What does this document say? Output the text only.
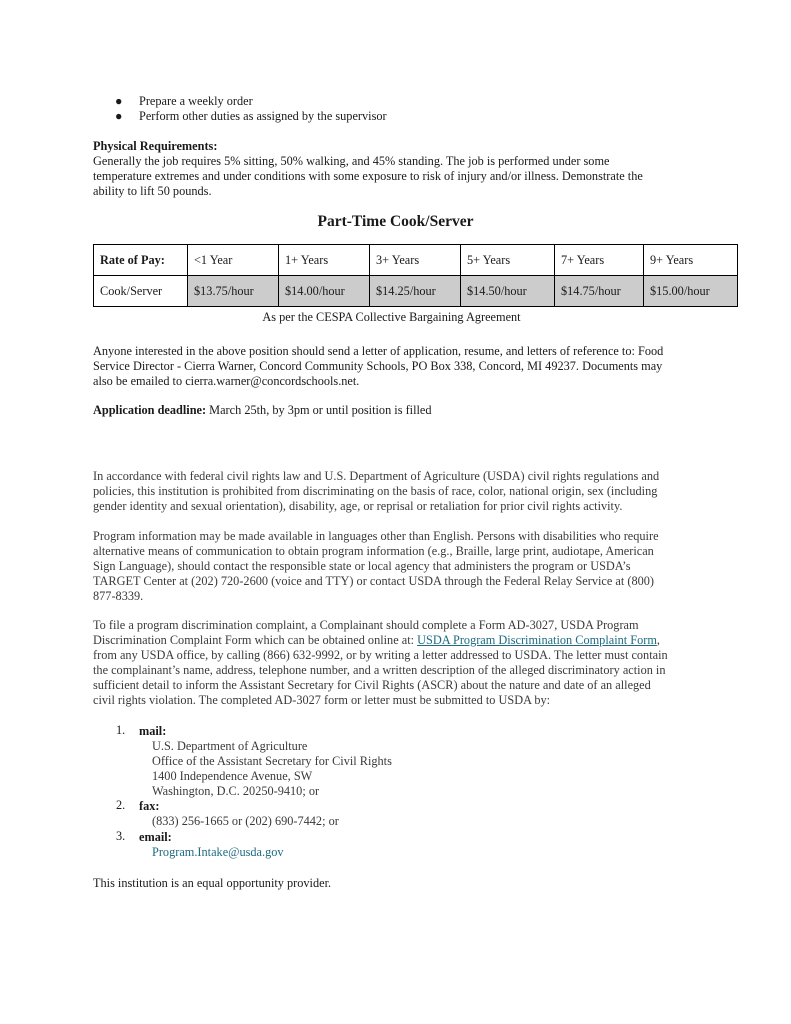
● Prepare a weekly order
● Perform other duties as assigned by the supervisor
Physical Requirements:
Generally the job requires 5% sitting, 50% walking, and 45% standing. The job is performed under some
temperature extremes and under conditions with some exposure to risk of injury and/or illness. Demonstrate the
ability to lift 50 pounds.
Part-Time Cook/Server
Rate of Pay:	<1 Year	1+ Years	3+ Years	5+ Years	7+ Years	9+ Years
Cook/Server	$13.75/hour	$14.00/hour	$14.25/hour	$14.50/hour	$14.75/hour	$15.00/hour
As per the CESPA Collective Bargaining Agreement
Anyone interested in the above position should send a letter of application, resume, and letters of reference to: Food
Service Director - Cierra Warner, Concord Community Schools, PO Box 338, Concord, MI 49237. Documents may
also be emailed to cierra.warner@concordschools.net.
Application deadline: March 25th, by 3pm or until position is filled
In accordance with federal civil rights law and U.S. Department of Agriculture (USDA) civil rights regulations and
policies, this institution is prohibited from discriminating on the basis of race, color, national origin, sex (including
gender identity and sexual orientation), disability, age, or reprisal or retaliation for prior civil rights activity.
Program information may be made available in languages other than English. Persons with disabilities who require
alternative means of communication to obtain program information (e.g., Braille, large print, audiotape, American
Sign Language), should contact the responsible state or local agency that administers the program or USDA’s
TARGET Center at (202) 720-2600 (voice and TTY) or contact USDA through the Federal Relay Service at (800)
877-8339.
To file a program discrimination complaint, a Complainant should complete a Form AD-3027, USDA Program
Discrimination Complaint Form which can be obtained online at: USDA Program Discrimination Complaint Form,
from any USDA office, by calling (866) 632-9992, or by writing a letter addressed to USDA. The letter must contain
the complainant’s name, address, telephone number, and a written description of the alleged discriminatory action in
sufficient detail to inform the Assistant Secretary for Civil Rights (ASCR) about the nature and date of an alleged
civil rights violation. The completed AD-3027 form or letter must be submitted to USDA by:
1. mail:
U.S. Department of Agriculture
Office of the Assistant Secretary for Civil Rights
1400 Independence Avenue, SW
Washington, D.C. 20250-9410; or
2. fax:
(833) 256-1665 or (202) 690-7442; or
3. email:
Program.Intake@usda.gov
This institution is an equal opportunity provider.
